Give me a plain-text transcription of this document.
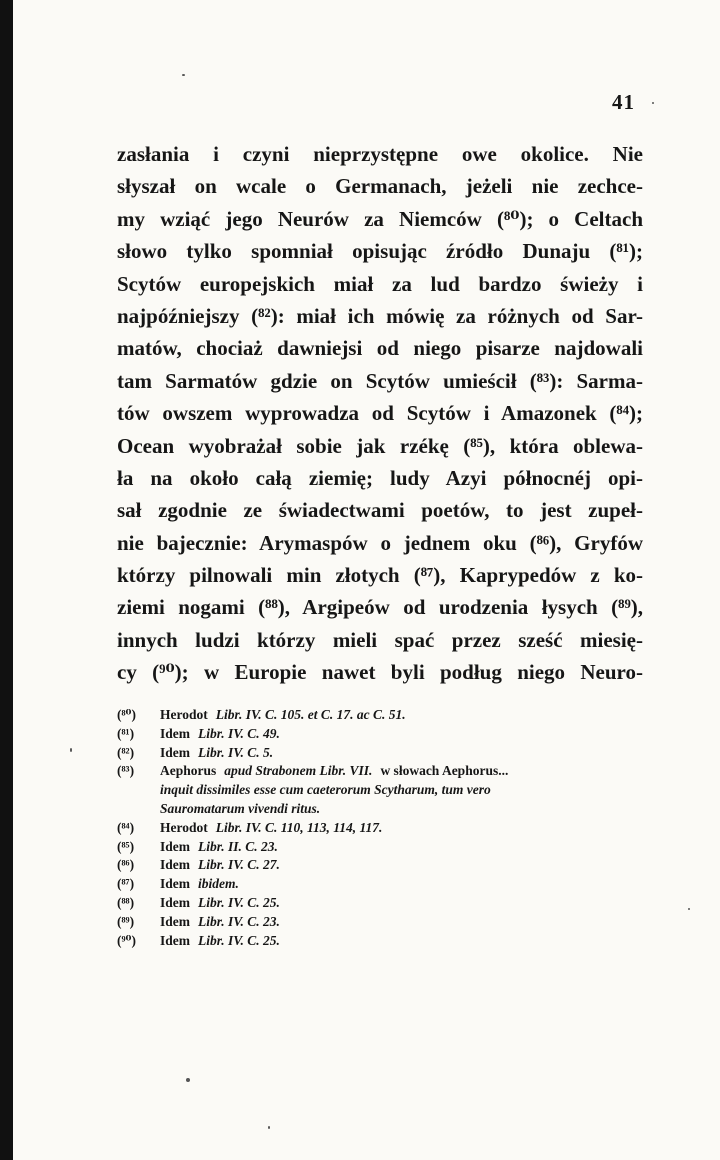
41
zasłania i czyni nieprzystępne owe okolice. Nie
słyszał on wcale o Germanach, jeżeli nie zechce-
my wziąć jego Neurów za Niemców (⁸⁰); o Celtach
słowo tylko spomniał opisując źródło Dunaju (⁸¹);
Scytów europejskich miał za lud bardzo świeży i
najpóźniejszy (⁸²): miał ich mówię za różnych od Sar-
matów, chociaż dawniejsi od niego pisarze najdowali
tam Sarmatów gdzie on Scytów umieścił (⁸³): Sarma-
tów owszem wyprowadza od Scytów i Amazonek (⁸⁴);
Ocean wyobrażał sobie jak rzékę (⁸⁵), która oblewa-
ła na około całą ziemię; ludy Azyi północnéj opi-
sał zgodnie ze świadectwami poetów, to jest zupeł-
nie bajecznie: Arymaspów o jednem oku (⁸⁶), Gryfów
którzy pilnowali min złotych (⁸⁷), Kaprypedów z ko-
ziemi nogami (⁸⁸), Argipeów od urodzenia łysych (⁸⁹),
innych ludzi którzy mieli spać przez sześć miesię-
cy (⁹⁰); w Europie nawet byli podług niego Neuro-
(⁸⁰) Herodot Libr. IV. C. 105. et C. 17. ac C. 51.
(⁸¹) Idem Libr. IV. C. 49.
(⁸²) Idem Libr. IV. C. 5.
(⁸³) Aephorus apud Strabonem Libr. VII. w słowach Aephorus...
inquit dissimiles esse cum caeterorum Scytharum, tum vero
Sauromatarum vivendi ritus.
(⁸⁴) Herodot Libr. IV. C. 110, 113, 114, 117.
(⁸⁵) Idem Libr. II. C. 23.
(⁸⁶) Idem Libr. IV. C. 27.
(⁸⁷) Idem ibidem.
(⁸⁸) Idem Libr. IV. C. 25.
(⁸⁹) Idem Libr. IV. C. 23.
(⁹⁰) Idem Libr. IV. C. 25.
